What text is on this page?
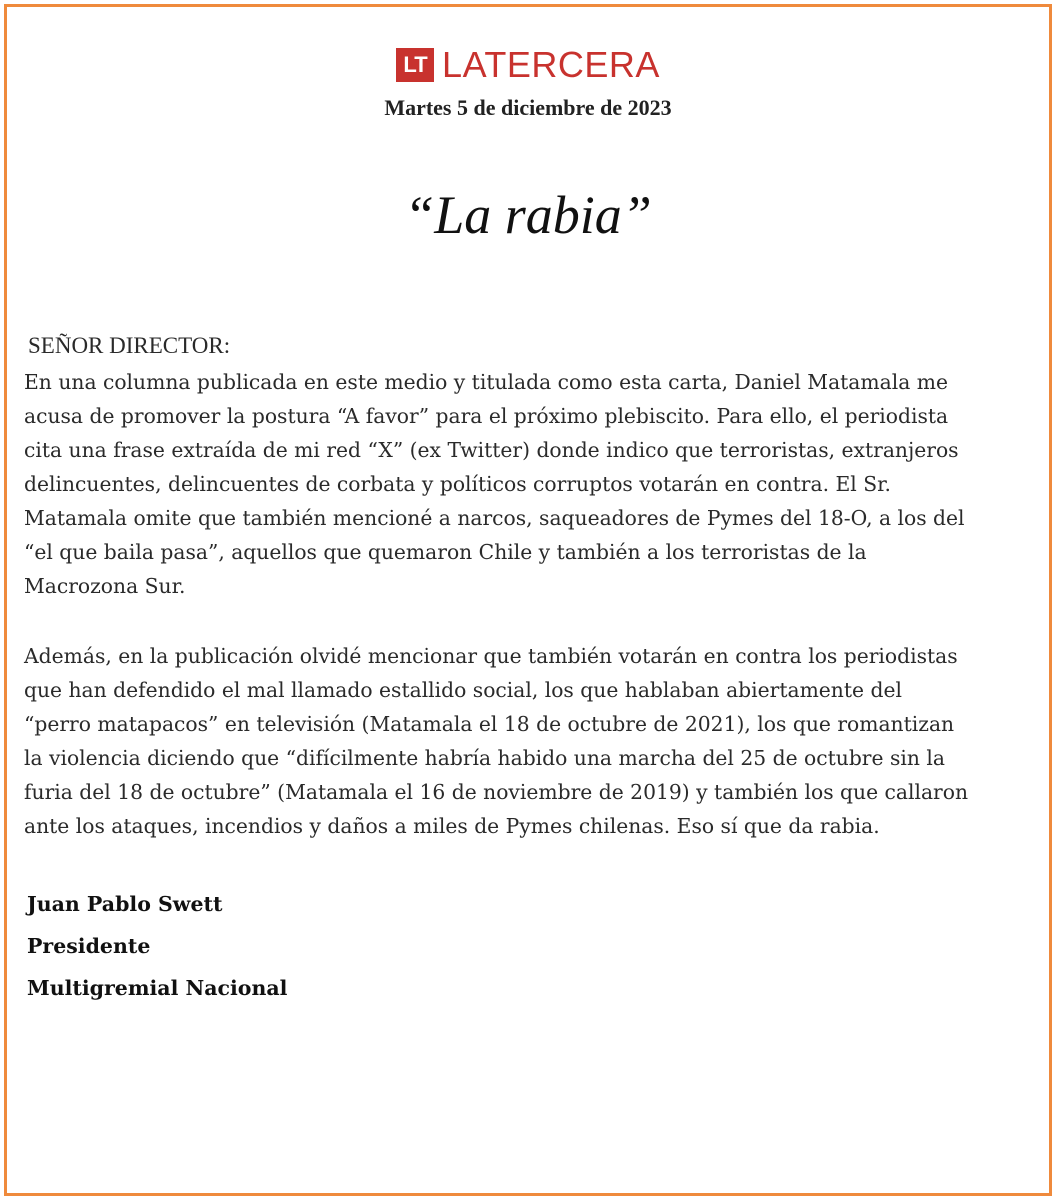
LT LATERCERA
Martes 5 de diciembre de 2023
“La rabia”
SEÑOR DIRECTOR:
En una columna publicada en este medio y titulada como esta carta, Daniel Matamala me
acusa de promover la postura “A favor” para el próximo plebiscito. Para ello, el periodista
cita una frase extraída de mi red “X” (ex Twitter) donde indico que terroristas, extranjeros
delincuentes, delincuentes de corbata y políticos corruptos votarán en contra. El Sr.
Matamala omite que también mencioné a narcos, saqueadores de Pymes del 18-O, a los del
“el que baila pasa”, aquellos que quemaron Chile y también a los terroristas de la
Macrozona Sur.
Además, en la publicación olvidé mencionar que también votarán en contra los periodistas
que han defendido el mal llamado estallido social, los que hablaban abiertamente del
“perro matapacos” en televisión (Matamala el 18 de octubre de 2021), los que romantizan
la violencia diciendo que “difícilmente habría habido una marcha del 25 de octubre sin la
furia del 18 de octubre” (Matamala el 16 de noviembre de 2019) y también los que callaron
ante los ataques, incendios y daños a miles de Pymes chilenas. Eso sí que da rabia.
Juan Pablo Swett
Presidente
Multigremial Nacional
